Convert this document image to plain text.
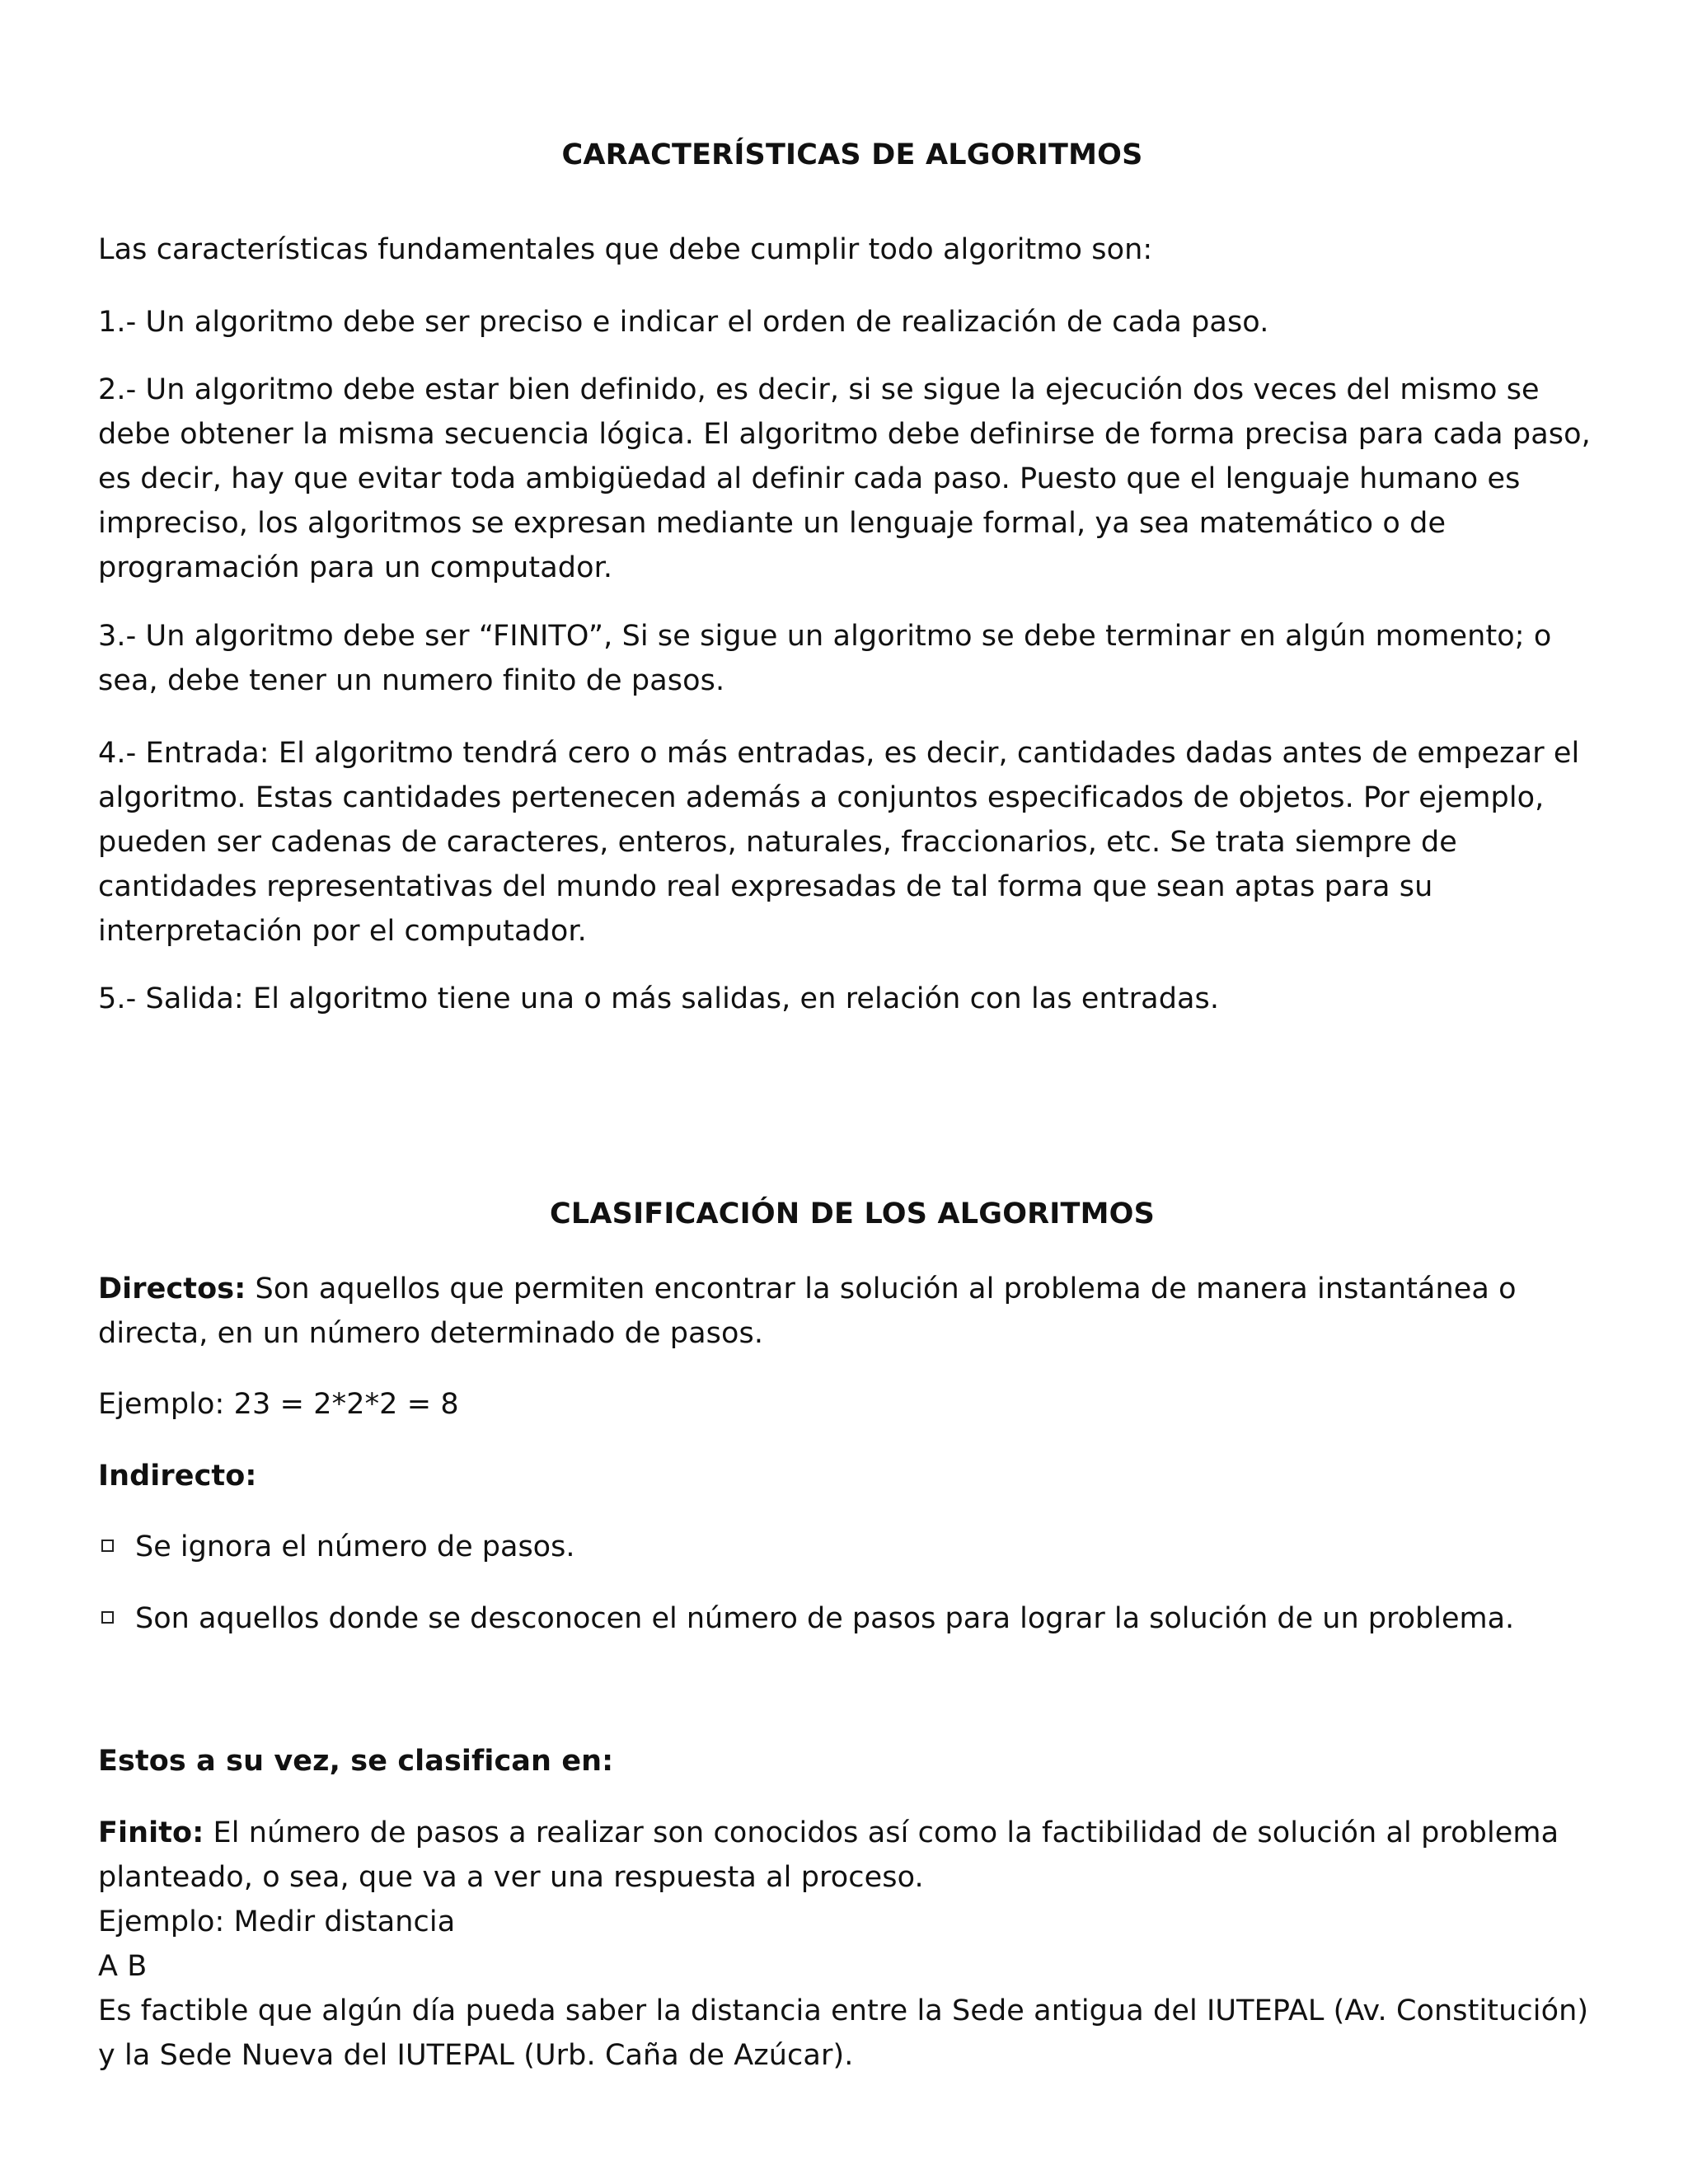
CARACTERÍSTICAS DE ALGORITMOS

Las características fundamentales que debe cumplir todo algoritmo son:

1.- Un algoritmo debe ser preciso e indicar el orden de realización de cada paso.

2.- Un algoritmo debe estar bien definido, es decir, si se sigue la ejecución dos veces del mismo se debe obtener la misma secuencia lógica. El algoritmo debe definirse de forma precisa para cada paso, es decir, hay que evitar toda ambigüedad al definir cada paso. Puesto que el lenguaje humano es impreciso, los algoritmos se expresan mediante un lenguaje formal, ya sea matemático o de programación para un computador.

3.- Un algoritmo debe ser “FINITO”, Si se sigue un algoritmo se debe terminar en algún momento; o sea, debe tener un numero finito de pasos.

4.- Entrada: El algoritmo tendrá cero o más entradas, es decir, cantidades dadas antes de empezar el algoritmo. Estas cantidades pertenecen además a conjuntos especificados de objetos. Por ejemplo, pueden ser cadenas de caracteres, enteros, naturales, fraccionarios, etc. Se trata siempre de cantidades representativas del mundo real expresadas de tal forma que sean aptas para su interpretación por el computador.

5.- Salida: El algoritmo tiene una o más salidas, en relación con las entradas.

CLASIFICACIÓN DE LOS ALGORITMOS

Directos: Son aquellos que permiten encontrar la solución al problema de manera instantánea o directa, en un número determinado de pasos.

Ejemplo: 23 = 2*2*2 = 8

Indirecto:

Se ignora el número de pasos.
Son aquellos donde se desconocen el número de pasos para lograr la solución de un problema.

Estos a su vez, se clasifican en:

Finito: El número de pasos a realizar son conocidos así como la factibilidad de solución al problema planteado, o sea, que va a ver una respuesta al proceso.

Ejemplo: Medir distancia

A B

Es factible que algún día pueda saber la distancia entre la Sede antigua del IUTEPAL (Av. Constitución) y la Sede Nueva del IUTEPAL (Urb. Caña de Azúcar).
